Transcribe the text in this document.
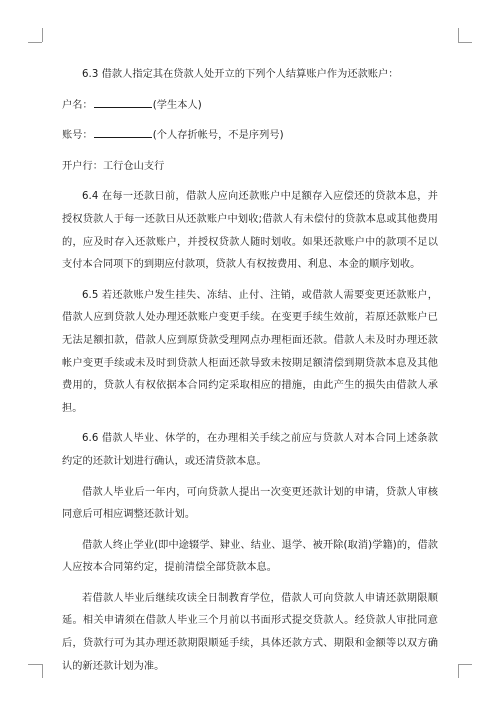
6.3 借款人指定其在贷款人处开立的下列个人结算账户作为还款账户：

户名：	(学生本人)

账号：	(个人存折帐号，不是序列号)

开户行：工行仓山支行

6.4 在每一还款日前，借款人应向还款账户中足额存入应偿还的贷款本息，并授权贷款人于每一还款日从还款账户中划收;借款人有未偿付的贷款本息或其他费用的，应及时存入还款账户，并授权贷款人随时划收。如果还款账户中的款项不足以支付本合同项下的到期应付款项，贷款人有权按费用、利息、本金的顺序划收。

6.5 若还款账户发生挂失、冻结、止付、注销，或借款人需要变更还款账户，借款人应到贷款人处办理还款账户变更手续。在变更手续生效前，若原还款账户已无法足额扣款，借款人应到原贷款受理网点办理柜面还款。借款人未及时办理还款帐户变更手续或未及时到贷款人柜面还款导致未按期足额清偿到期贷款本息及其他费用的，贷款人有权依据本合同约定采取相应的措施，由此产生的损失由借款人承担。

6.6 借款人毕业、休学的，在办理相关手续之前应与贷款人对本合同上述条款约定的还款计划进行确认，或还清贷款本息。

借款人毕业后一年内，可向贷款人提出一次变更还款计划的申请，贷款人审核同意后可相应调整还款计划。

借款人终止学业(即中途辍学、肄业、结业、退学、被开除(取消)学籍)的，借款人应按本合同第约定，提前清偿全部贷款本息。

若借款人毕业后继续攻读全日制教育学位，借款人可向贷款人申请还款期限顺延。相关申请须在借款人毕业三个月前以书面形式提交贷款人。经贷款人审批同意后，贷款行可为其办理还款期限顺延手续，具体还款方式、期限和金额等以双方确认的新还款计划为准。
